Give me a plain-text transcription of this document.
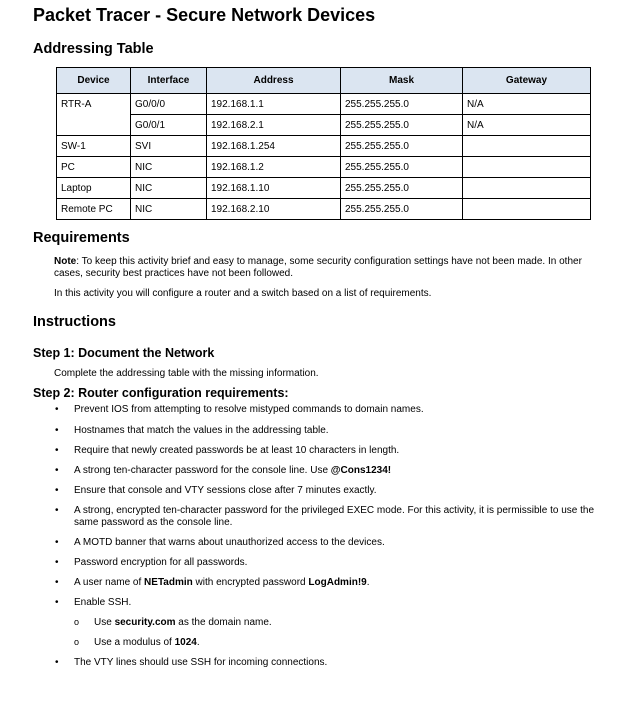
Packet Tracer - Secure Network Devices
Addressing Table
Device	Interface	Address	Mask	Gateway
RTR-A	G0/0/0	192.168.1.1	255.255.255.0	N/A
	G0/0/1	192.168.2.1	255.255.255.0	N/A
SW-1	SVI	192.168.1.254	255.255.255.0	
PC	NIC	192.168.1.2	255.255.255.0	
Laptop	NIC	192.168.1.10	255.255.255.0	
Remote PC	NIC	192.168.2.10	255.255.255.0	
Requirements

Note: To keep this activity brief and easy to manage, some security configuration settings have not been made. In other cases, security best practices have not been followed.

In this activity you will configure a router and a switch based on a list of requirements.

Instructions
Step 1: Document the Network

Complete the addressing table with the missing information.

Step 2: Router configuration requirements:
• Prevent IOS from attempting to resolve mistyped commands to domain names.
• Hostnames that match the values in the addressing table.
• Require that newly created passwords be at least 10 characters in length.
• A strong ten-character password for the console line. Use @Cons1234!
• Ensure that console and VTY sessions close after 7 minutes exactly.
• A strong, encrypted ten-character password for the privileged EXEC mode. For this activity, it is permissible to use the same password as the console line.
• A MOTD banner that warns about unauthorized access to the devices.
• Password encryption for all passwords.
• A user name of NETadmin with encrypted password LogAdmin!9.
• Enable SSH.
o Use security.com as the domain name.
o Use a modulus of 1024.
• The VTY lines should use SSH for incoming connections.
